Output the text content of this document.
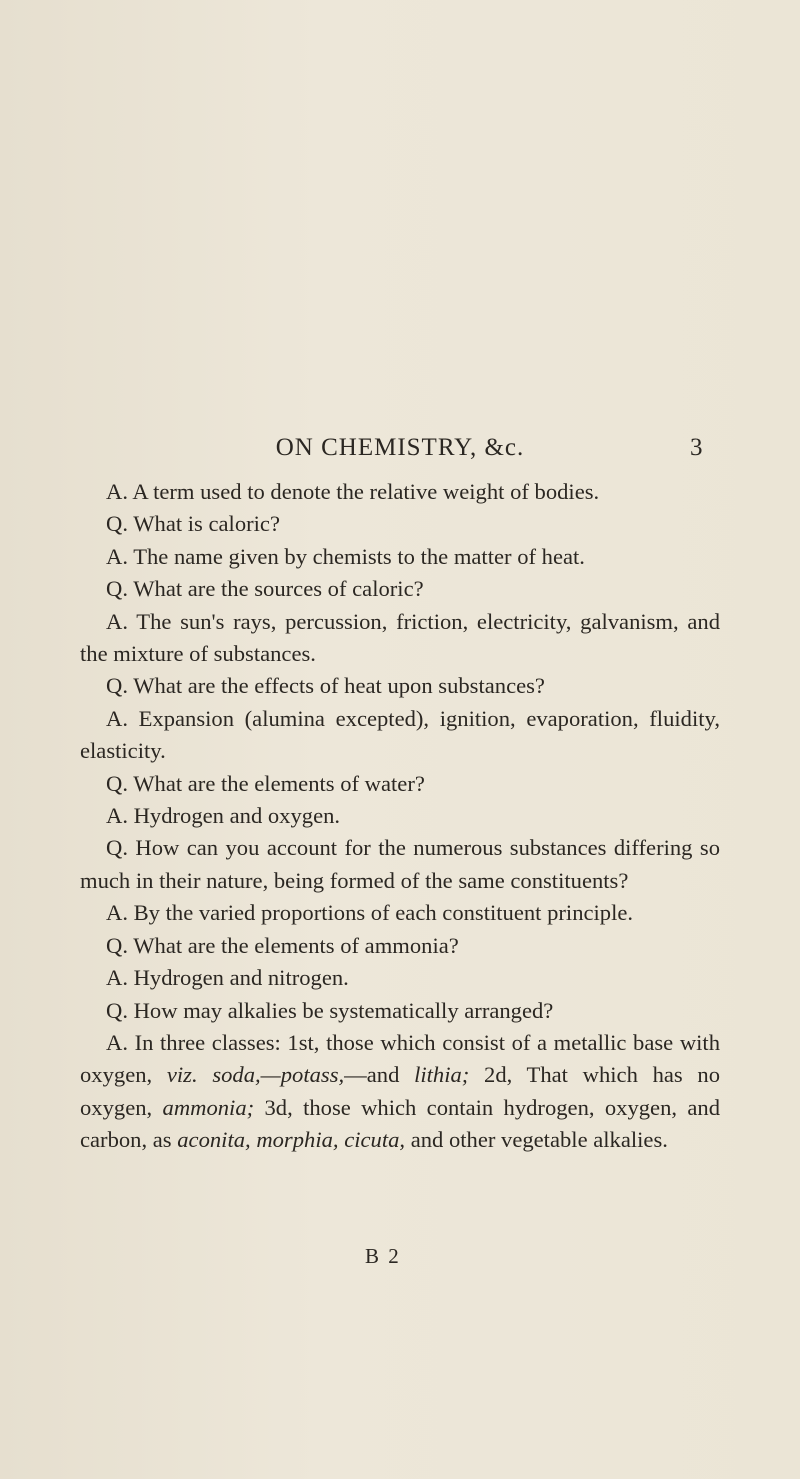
ON CHEMISTRY, &c.	3

A. A term used to denote the relative weight of bodies.

Q. What is caloric?

A. The name given by chemists to the matter of heat.

Q. What are the sources of caloric?

A. The sun's rays, percussion, friction, electricity, galvanism, and the mixture of substances.

Q. What are the effects of heat upon substances?

A. Expansion (alumina excepted), ignition, evaporation, fluidity, elasticity.

Q. What are the elements of water?

A. Hydrogen and oxygen.

Q. How can you account for the numerous substances differing so much in their nature, being formed of the same constituents?

A. By the varied proportions of each constituent principle.

Q. What are the elements of ammonia?

A. Hydrogen and nitrogen.

Q. How may alkalies be systematically arranged?

A. In three classes: 1st, those which consist of a metallic base with oxygen, viz. soda,—potass,—and lithia; 2d, That which has no oxygen, ammonia; 3d, those which contain hydrogen, oxygen, and carbon, as aconita, morphia, cicuta, and other vegetable alkalies.

B 2
